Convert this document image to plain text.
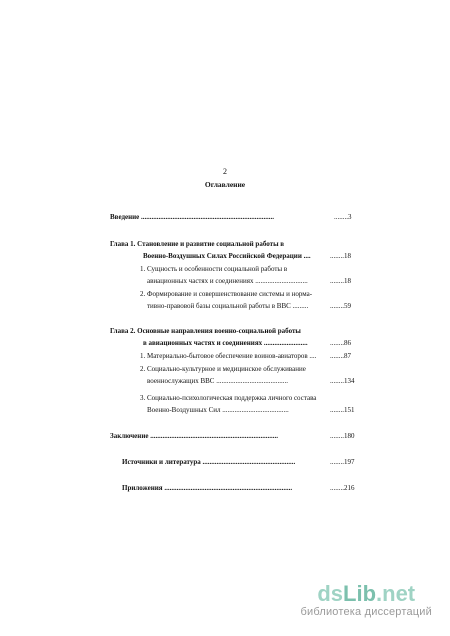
2
Оглавление
Введение ............................................................................	........3
Глава 1. Становление и развитие социальной работы в
Военно-Воздушных Силах Российской Федерации ....	........18
1. Сущность и особенности социальной работы в
авиационных частях и соединениях ..............................	........18
2. Формирование и совершенствование системы и норма-
тивно-правовой базы социальной работы в ВВС .........	........59
Глава 2. Основные направления военно-социальной работы
в авиационных частях и соединениях .........................	........86
1. Материально-бытовое обеспечение воинов-авиаторов .... ........87
2. Социально-культурное и медицинское обслуживание
военнослужащих ВВС .........................................	........134
3. Социально-психологическая поддержка личного состава
Военно-Воздушных Сил ......................................	........151
Заключение .........................................................................	........180
Источники и литература .....................................................	........197
Приложения .........................................................................	........216
dsLib.net
библиотека диссертаций
